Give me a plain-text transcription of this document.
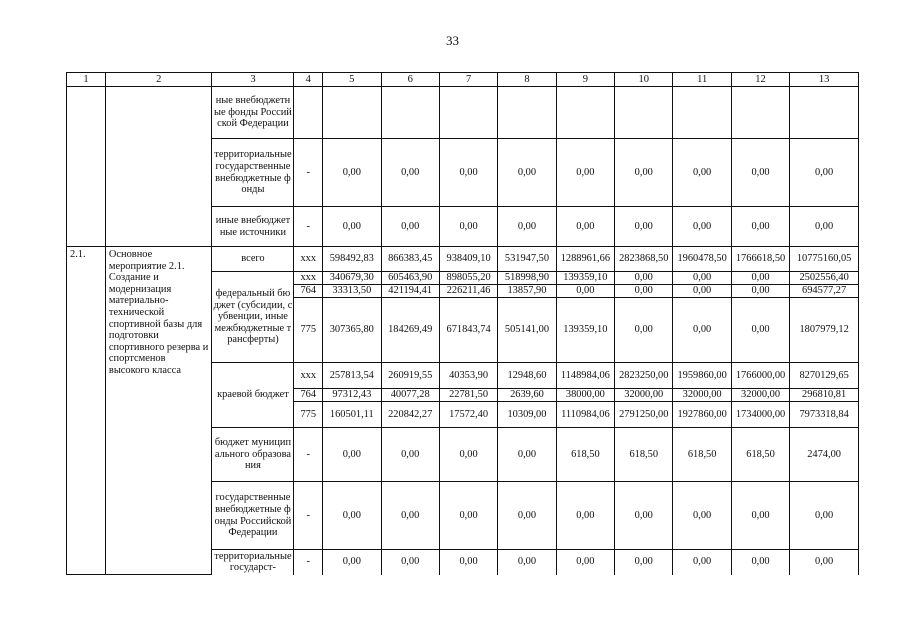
33
1	2	3	4	5	6	7	8	9	10	11	12	13
		ные внебюджетные фонды Российской Федерации										
		территориальные государственные внебюджетные фонды	-	0,00	0,00	0,00	0,00	0,00	0,00	0,00	0,00	0,00
		иные внебюджетные источники	-	0,00	0,00	0,00	0,00	0,00	0,00	0,00	0,00	0,00
2.1.	Основное мероприятие 2.1. Создание и модернизация материально-технической спортивной базы для подготовки спортивного резерва и спортсменов высокого класса	всего	xxx	598492,83	866383,45	938409,10	531947,50	1288961,66	2823868,50	1960478,50	1766618,50	10775160,05
		федеральный бюджет (субсидии, субвенции, иные межбюджетные трансферты)	xxx	340679,30	605463,90	898055,20	518998,90	139359,10	0,00	0,00	0,00	2502556,40
			764	33313,50	421194,41	226211,46	13857,90	0,00	0,00	0,00	0,00	694577,27
			775	307365,80	184269,49	671843,74	505141,00	139359,10	0,00	0,00	0,00	1807979,12
		краевой бюджет	xxx	257813,54	260919,55	40353,90	12948,60	1148984,06	2823250,00	1959860,00	1766000,00	8270129,65
			764	97312,43	40077,28	22781,50	2639,60	38000,00	32000,00	32000,00	32000,00	296810,81
			775	160501,11	220842,27	17572,40	10309,00	1110984,06	2791250,00	1927860,00	1734000,00	7973318,84
		бюджет муниципального образования	-	0,00	0,00	0,00	0,00	618,50	618,50	618,50	618,50	2474,00
		государственные внебюджетные фонды Российской Федерации	-	0,00	0,00	0,00	0,00	0,00	0,00	0,00	0,00	0,00
		территориальные государст-	-	0,00	0,00	0,00	0,00	0,00	0,00	0,00	0,00	0,00
